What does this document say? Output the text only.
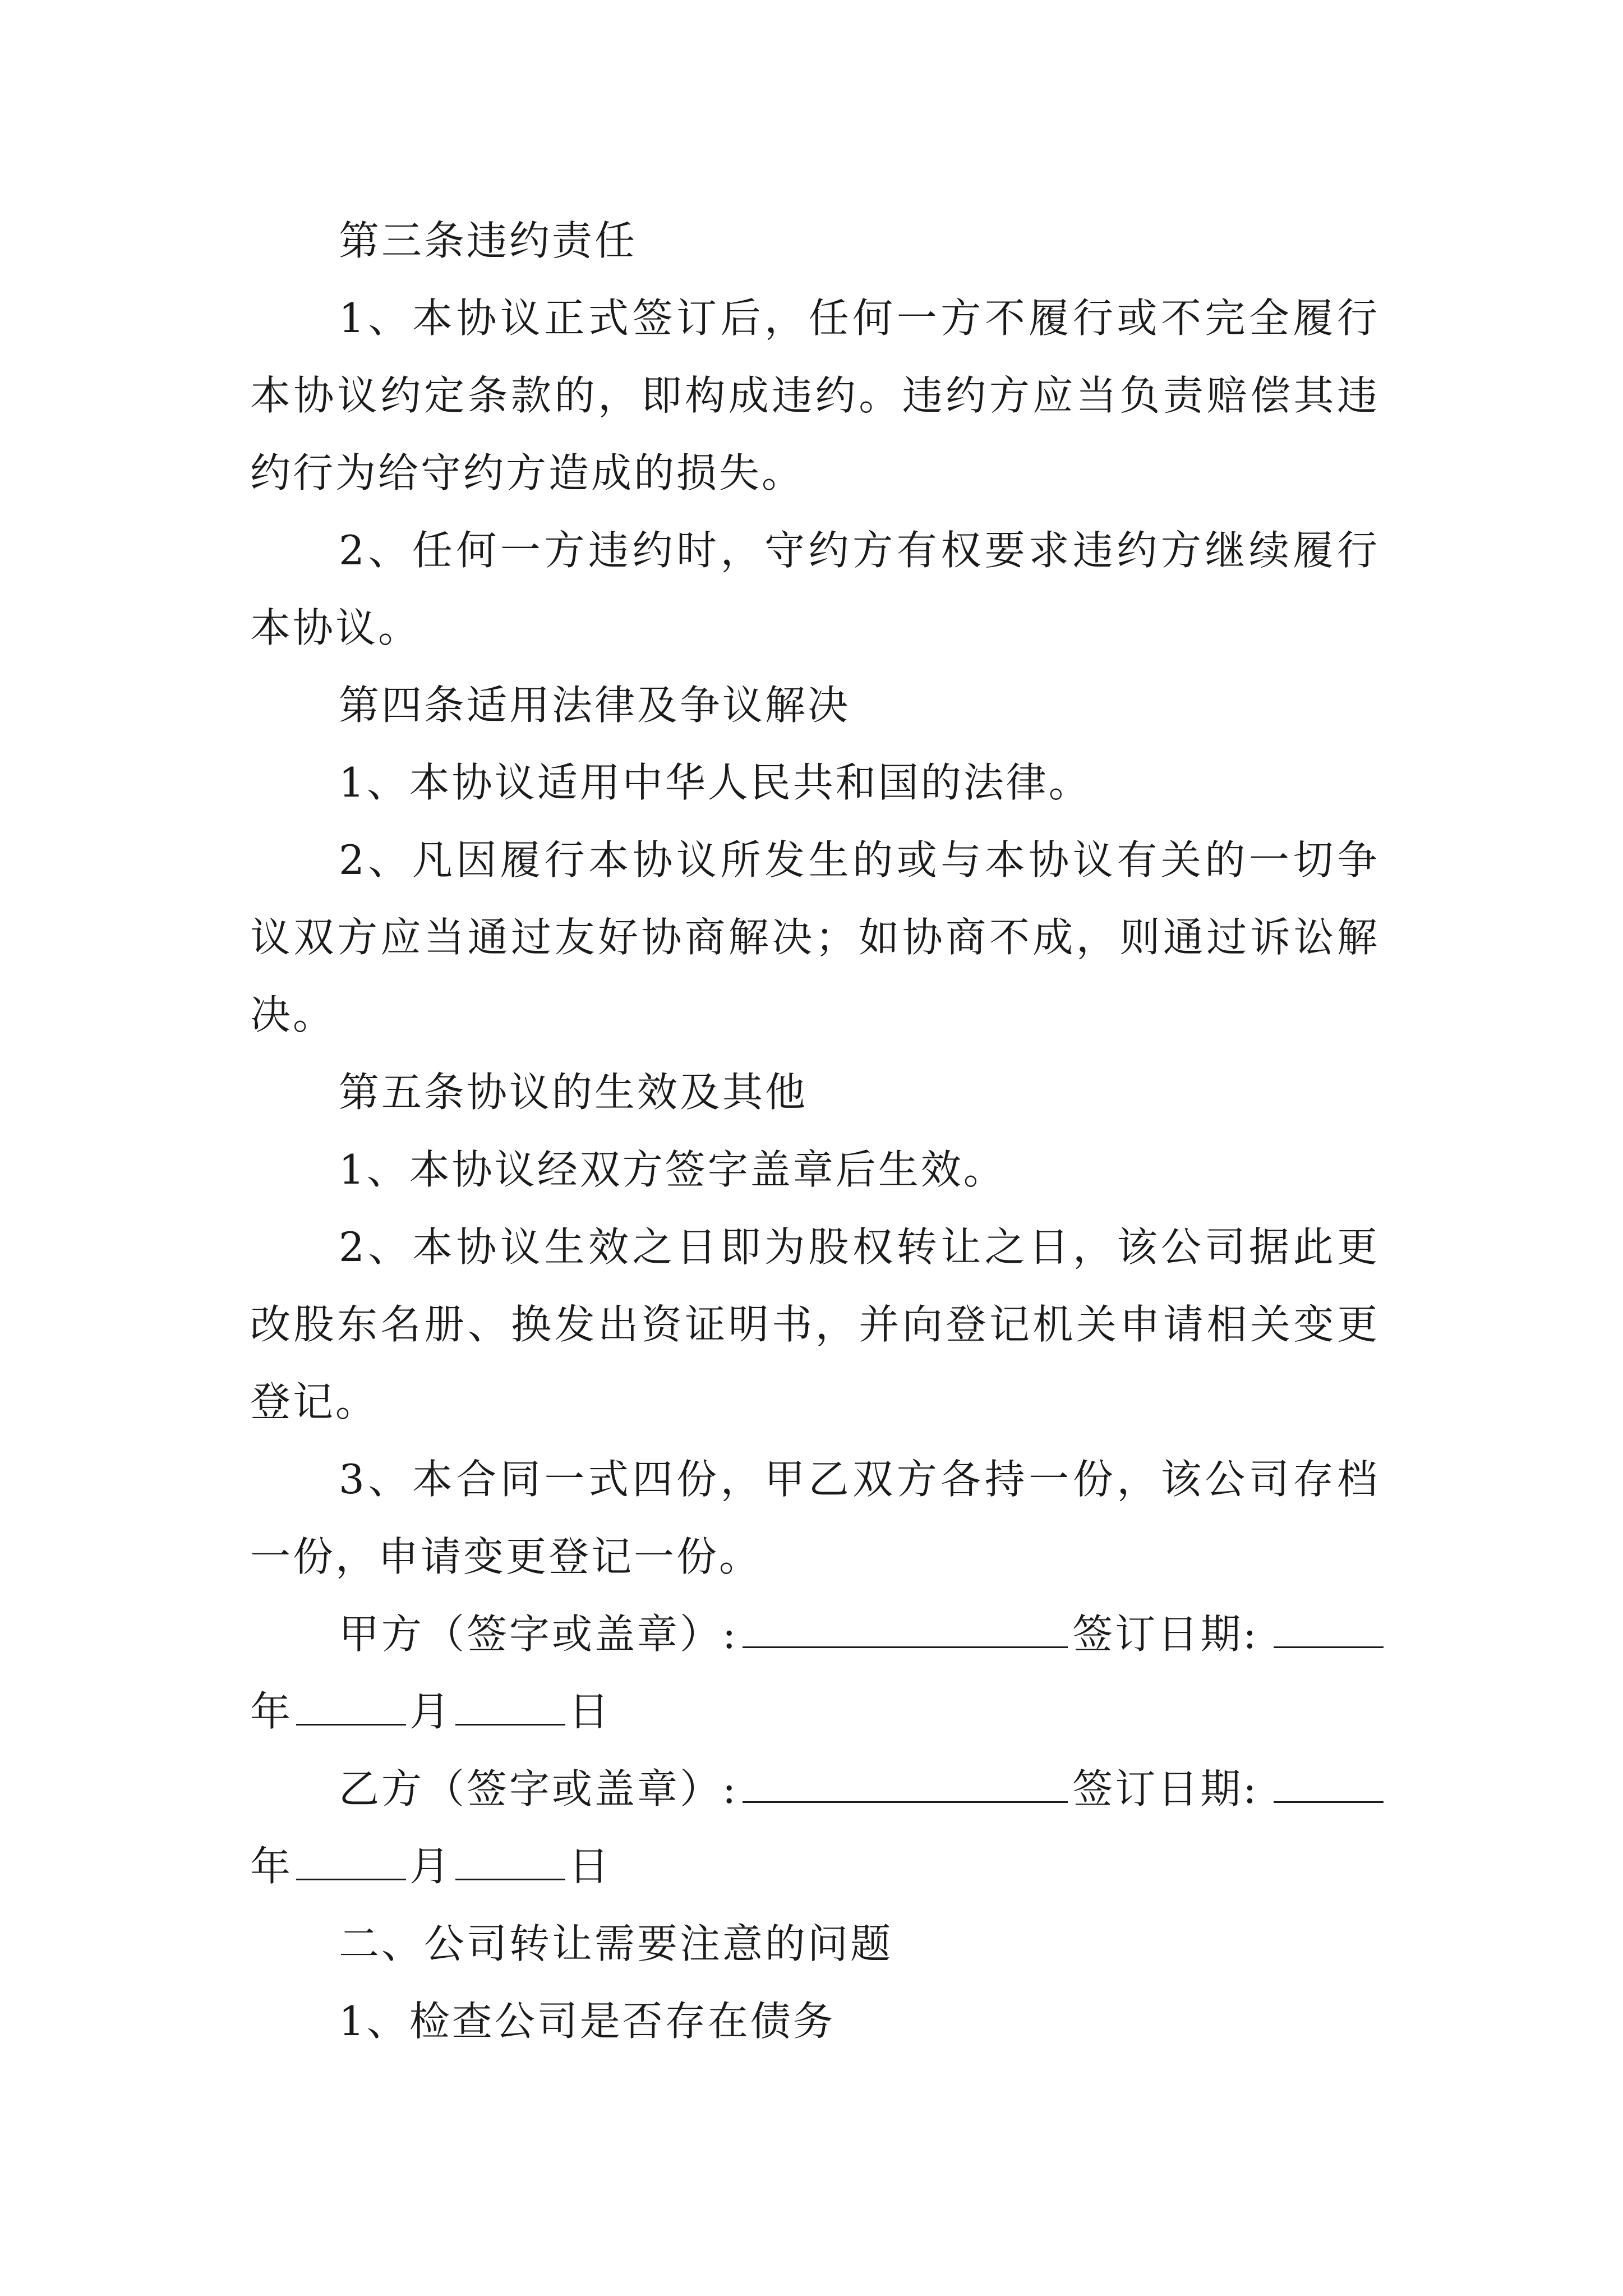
第三条违约责任

1、本协议正式签订后，任何一方不履行或不完全履行本协议约定条款的，即构成违约。违约方应当负责赔偿其违约行为给守约方造成的损失。

2、任何一方违约时，守约方有权要求违约方继续履行本协议。

第四条适用法律及争议解决

1、本协议适用中华人民共和国的法律。

2、凡因履行本协议所发生的或与本协议有关的一切争议双方应当通过友好协商解决；如协商不成，则通过诉讼解决。

第五条协议的生效及其他

1、本协议经双方签字盖章后生效。

2、本协议生效之日即为股权转让之日，该公司据此更改股东名册、换发出资证明书，并向登记机关申请相关变更登记。

3、本合同一式四份，甲乙双方各持一份，该公司存档一份，申请变更登记一份。

甲方（签字或盖章）:	签订日期:
年	月	日
乙方（签字或盖章）:	签订日期:
年	月	日

二、公司转让需要注意的问题

1、检查公司是否存在债务
